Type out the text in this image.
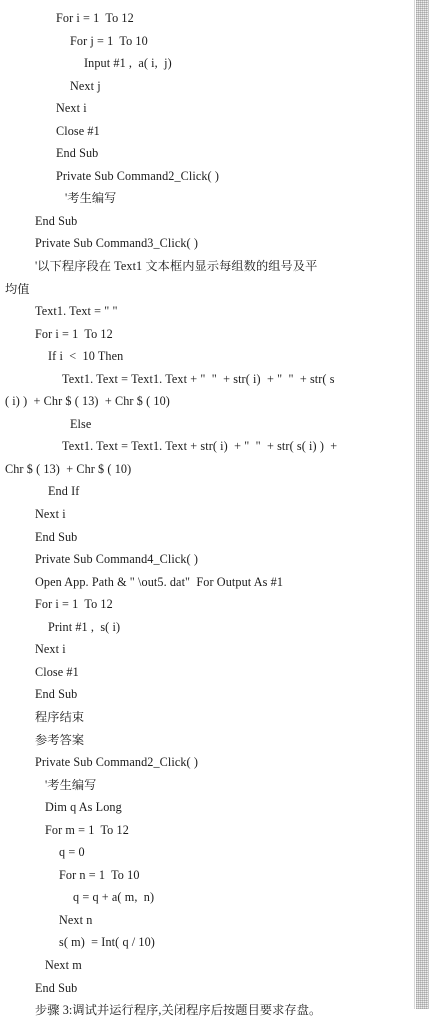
For i = 1  To 12
For j = 1  To 10
Input #1 ,  a( i,  j)
Next j
Next i
Close #1
End Sub
Private Sub Command2_Click( )
'考生编写
End Sub
Private Sub Command3_Click( )
'以下程序段在 Text1 文本框内显示每组数的组号及平
均值
Text1. Text = " "
For i = 1  To 12
If i  <  10 Then
Text1. Text = Text1. Text + "  "  + str( i)  + "  "  + str( s
( i) )  + Chr $ ( 13)  + Chr $ ( 10)
Else
Text1. Text = Text1. Text + str( i)  + "  "  + str( s( i) )  +
Chr $ ( 13)  + Chr $ ( 10)
End If
Next i
End Sub
Private Sub Command4_Click( )
Open App. Path & " \out5. dat"  For Output As #1
For i = 1  To 12
Print #1 ,  s( i)
Next i
Close #1
End Sub
程序结束
参考答案
Private Sub Command2_Click( )
'考生编写
Dim q As Long
For m = 1  To 12
q = 0
For n = 1  To 10
q = q + a( m,  n)
Next n
s( m)  = Int( q / 10)
Next m
End Sub
步骤 3:调试并运行程序,关闭程序后按题目要求存盘。
